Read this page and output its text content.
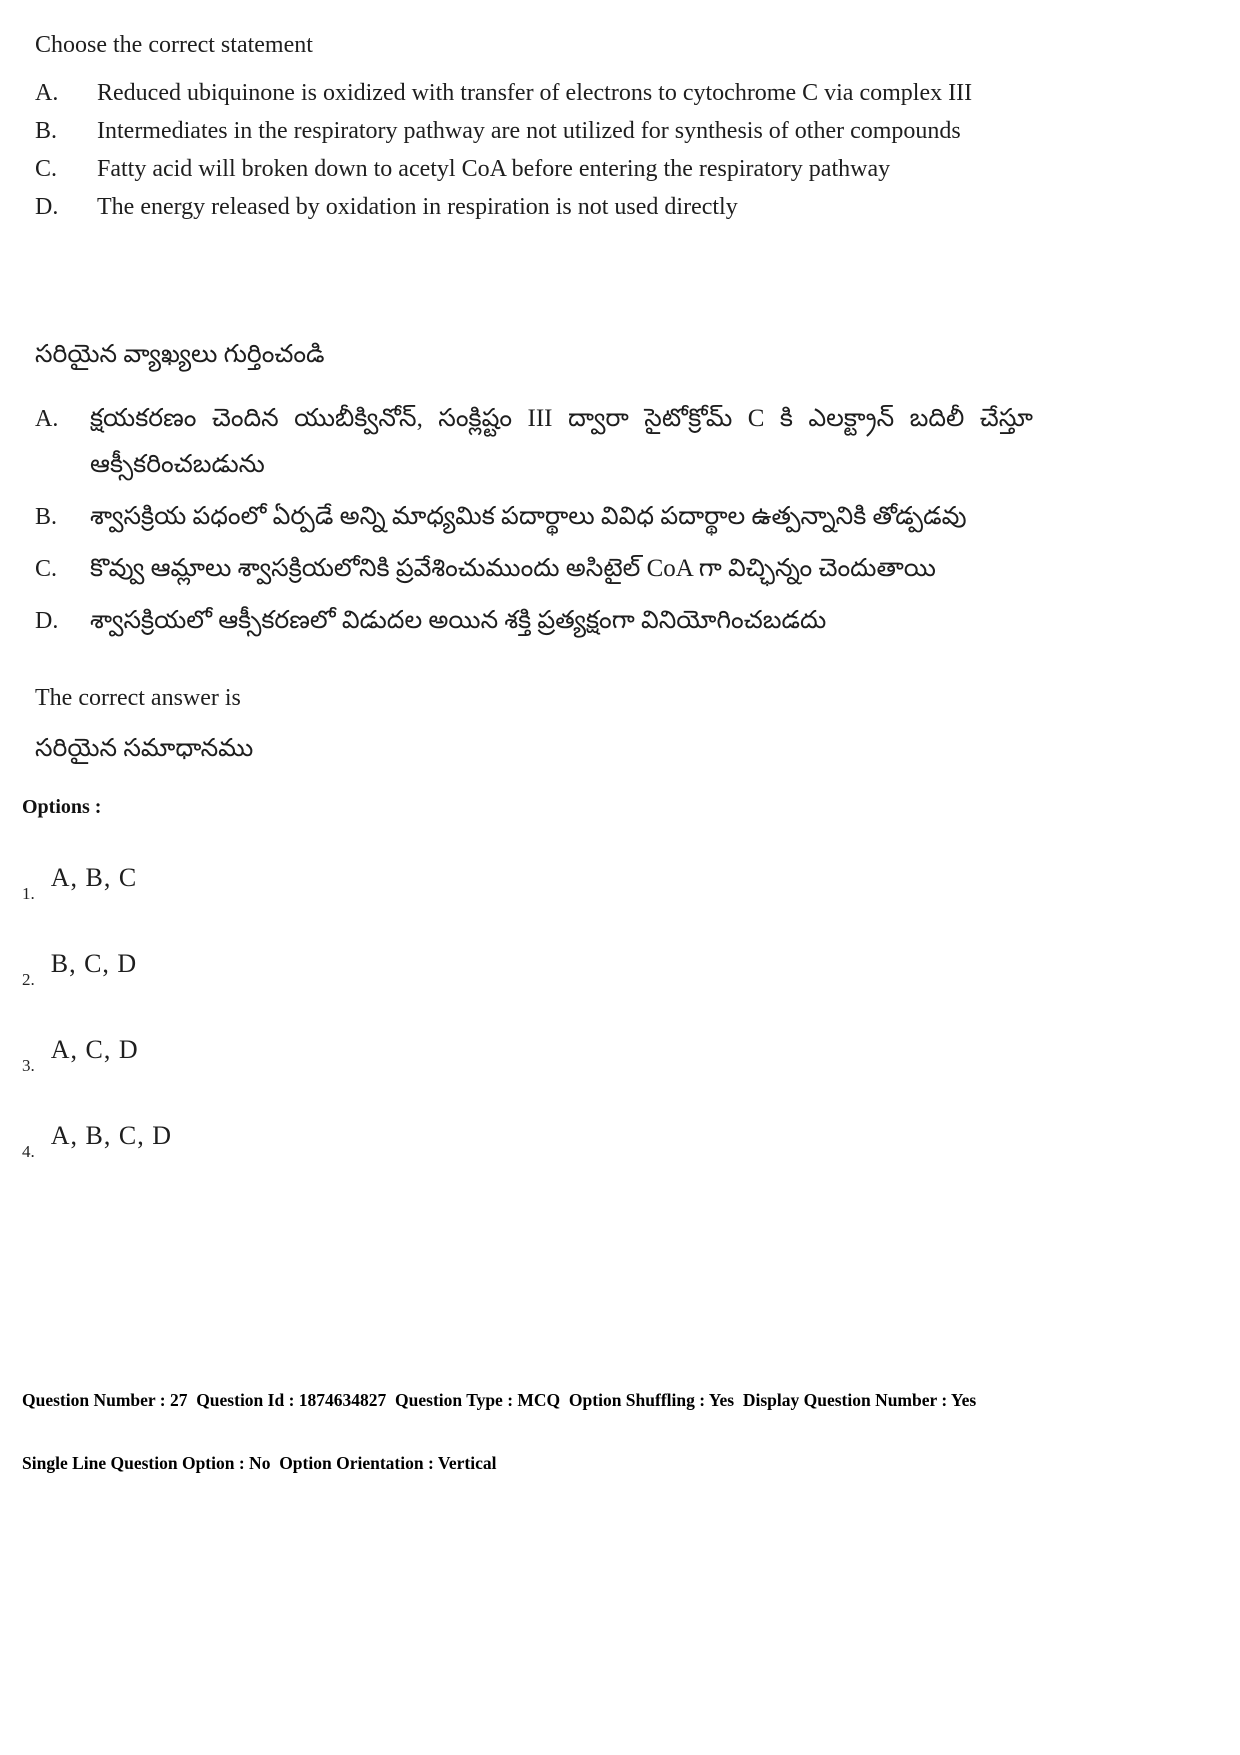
Choose the correct statement
A.	Reduced ubiquinone is oxidized with transfer of electrons to cytochrome C via complex III
B.	Intermediates in the respiratory pathway are not utilized for synthesis of other compounds
C.	Fatty acid will broken down to acetyl CoA before entering the respiratory pathway
D.	The energy released by oxidation in respiration is not used directly
సరియైన వ్యాఖ్యలు గుర్తించండి
A.	క్షయకరణం చెందిన యుబీక్వినోన్, సంక్లిష్టం III ద్వారా సైటోక్రోమ్ C కి ఎలక్ట్రాన్ బదిలీ చేస్తూ ఆక్సీకరించబడును
B.	శ్వాసక్రియ పధంలో ఏర్పడే అన్ని మాధ్యమిక పదార్థాలు వివిధ పదార్థాల ఉత్పన్నానికి తోడ్పడవు
C.	కొవ్వు ఆమ్లాలు శ్వాసక్రియలోనికి ప్రవేశించుముందు అసిటైల్ CoA గా విచ్ఛిన్నం చెందుతాయి
D.	శ్వాసక్రియలో ఆక్సీకరణలో విడుదల అయిన శక్తి ప్రత్యక్షంగా వినియోగించబడదు
The correct answer is
సరియైన సమాధానము
Options :
1.
A, B, C
2.
B, C, D
3.
A, C, D
4.
A, B, C, D

Question Number : 27  Question Id : 1874634827  Question Type : MCQ  Option Shuffling : Yes  Display Question Number : Yes

Single Line Question Option : No  Option Orientation : Vertical
